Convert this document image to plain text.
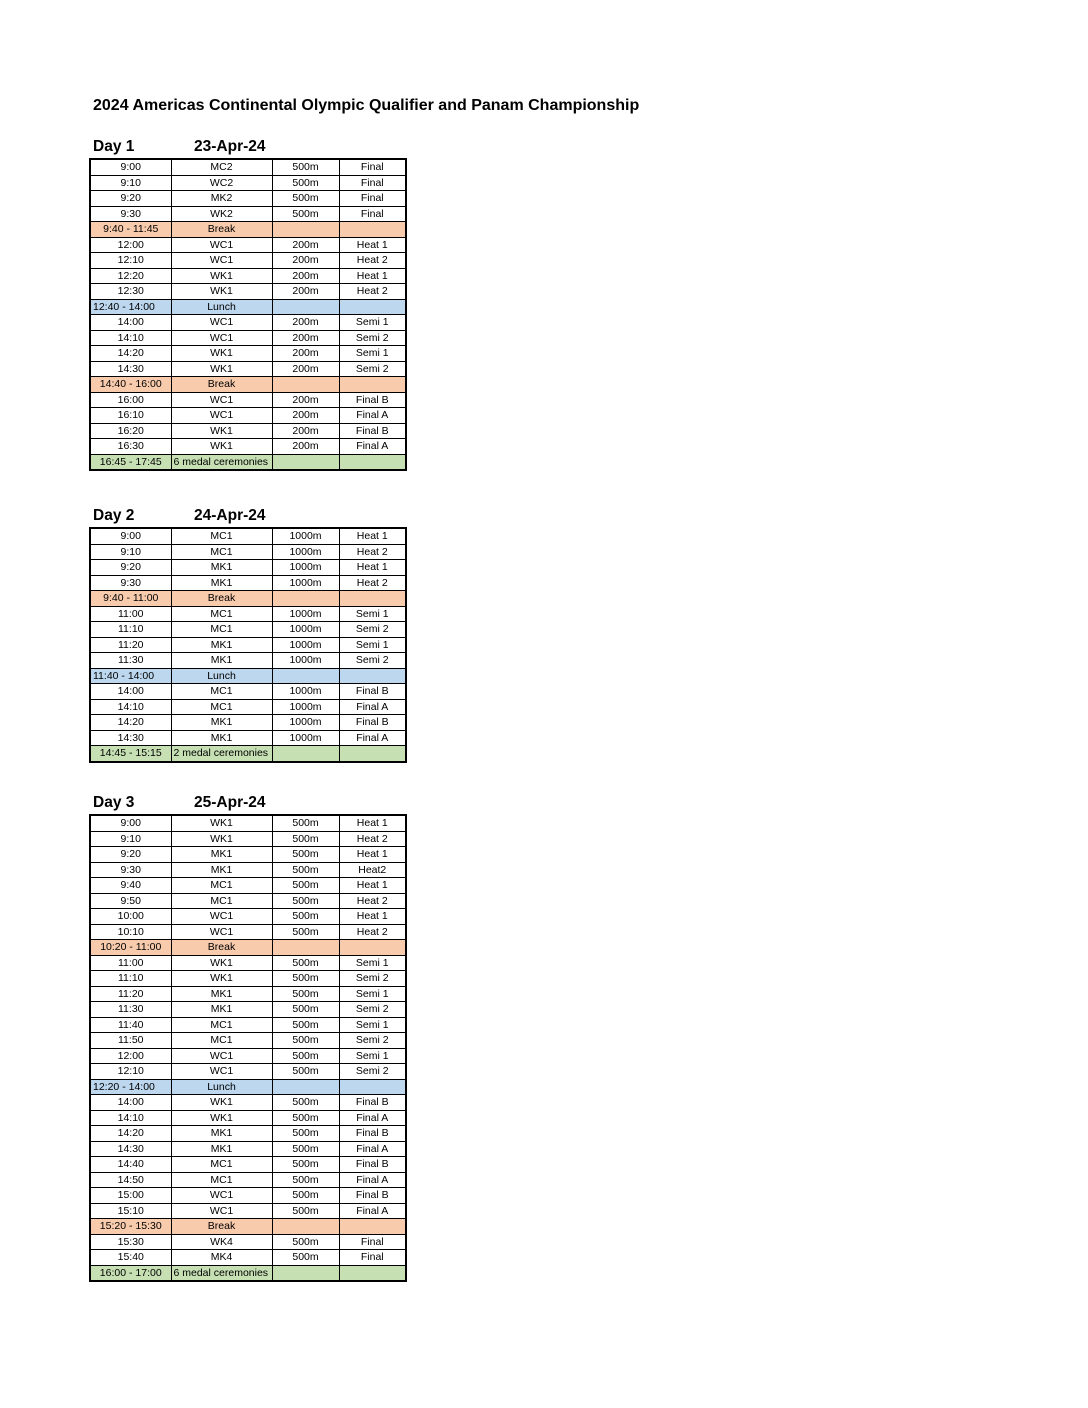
2024 Americas Continental Olympic Qualifier and Panam Championship
Day 1	23-Apr-24
9:00	MC2	500m	Final
9:10	WC2	500m	Final
9:20	MK2	500m	Final
9:30	WK2	500m	Final
9:40 - 11:45	Break		
12:00	WC1	200m	Heat 1
12:10	WC1	200m	Heat 2
12:20	WK1	200m	Heat 1
12:30	WK1	200m	Heat 2
12:40 - 14:00	Lunch		
14:00	WC1	200m	Semi 1
14:10	WC1	200m	Semi 2
14:20	WK1	200m	Semi 1
14:30	WK1	200m	Semi 2
14:40 - 16:00	Break		
16:00	WC1	200m	Final B
16:10	WC1	200m	Final A
16:20	WK1	200m	Final B
16:30	WK1	200m	Final A
16:45 - 17:45	6 medal ceremonies		
Day 2	24-Apr-24
9:00	MC1	1000m	Heat 1
9:10	MC1	1000m	Heat 2
9:20	MK1	1000m	Heat 1
9:30	MK1	1000m	Heat 2
9:40 - 11:00	Break		
11:00	MC1	1000m	Semi 1
11:10	MC1	1000m	Semi 2
11:20	MK1	1000m	Semi 1
11:30	MK1	1000m	Semi 2
11:40 - 14:00	Lunch		
14:00	MC1	1000m	Final B
14:10	MC1	1000m	Final A
14:20	MK1	1000m	Final B
14:30	MK1	1000m	Final A
14:45 - 15:15	2 medal ceremonies		
Day 3	25-Apr-24
9:00	WK1	500m	Heat 1
9:10	WK1	500m	Heat 2
9:20	MK1	500m	Heat 1
9:30	MK1	500m	Heat2
9:40	MC1	500m	Heat 1
9:50	MC1	500m	Heat 2
10:00	WC1	500m	Heat 1
10:10	WC1	500m	Heat 2
10:20 - 11:00	Break		
11:00	WK1	500m	Semi 1
11:10	WK1	500m	Semi 2
11:20	MK1	500m	Semi 1
11:30	MK1	500m	Semi 2
11:40	MC1	500m	Semi 1
11:50	MC1	500m	Semi 2
12:00	WC1	500m	Semi 1
12:10	WC1	500m	Semi 2
12:20 - 14:00	Lunch		
14:00	WK1	500m	Final B
14:10	WK1	500m	Final A
14:20	MK1	500m	Final B
14:30	MK1	500m	Final A
14:40	MC1	500m	Final B
14:50	MC1	500m	Final A
15:00	WC1	500m	Final B
15:10	WC1	500m	Final A
15:20 - 15:30	Break		
15:30	WK4	500m	Final
15:40	MK4	500m	Final
16:00 - 17:00	6 medal ceremonies		
